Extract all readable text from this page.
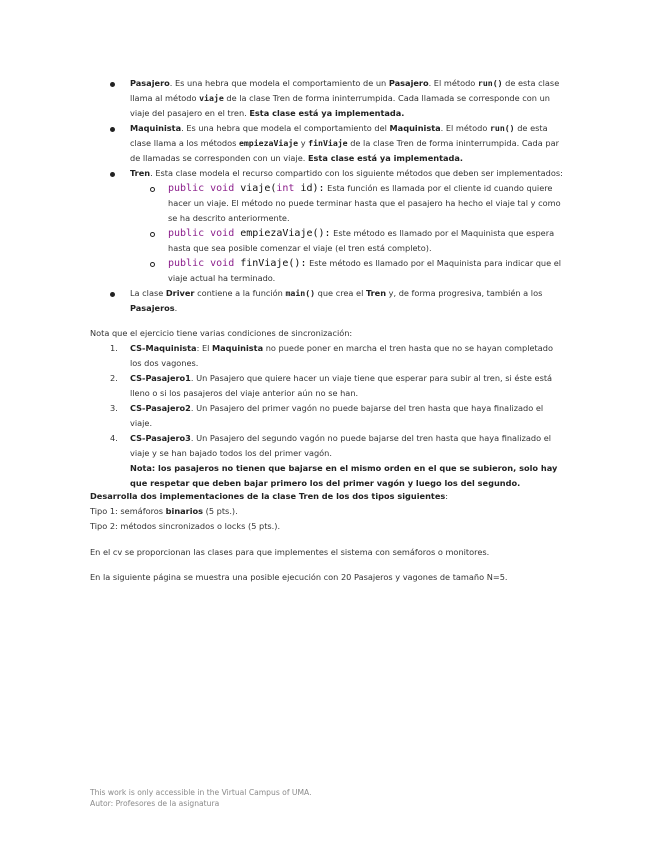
Pasajero. Es una hebra que modela el comportamiento de un Pasajero. El método run() de esta clase llama al método viaje de la clase Tren de forma ininterrumpida. Cada llamada se corresponde con un viaje del pasajero en el tren. Esta clase está ya implementada.
Maquinista. Es una hebra que modela el comportamiento del Maquinista. El método run() de esta clase llama a los métodos empiezaViaje y finViaje de la clase Tren de forma ininterrumpida. Cada par de llamadas se corresponden con un viaje. Esta clase está ya implementada.
Tren. Esta clase modela el recurso compartido con los siguiente métodos que deben ser implementados:
public void viaje(int id): Esta función es llamada por el cliente id cuando quiere hacer un viaje. El método no puede terminar hasta que el pasajero ha hecho el viaje tal y como se ha descrito anteriormente.
public void empiezaViaje(): Este método es llamado por el Maquinista que espera hasta que sea posible comenzar el viaje (el tren está completo).
public void finViaje(): Este método es llamado por el Maquinista para indicar que el viaje actual ha terminado.
La clase Driver contiene a la función main() que crea el Tren y, de forma progresiva, también a los Pasajeros.
Nota que el ejercicio tiene varias condiciones de sincronización:
1. CS-Maquinista: El Maquinista no puede poner en marcha el tren hasta que no se hayan completado los dos vagones.
2. CS-Pasajero1. Un Pasajero que quiere hacer un viaje tiene que esperar para subir al tren, si éste está lleno o si los pasajeros del viaje anterior aún no se han.
3. CS-Pasajero2. Un Pasajero del primer vagón no puede bajarse del tren hasta que haya finalizado el viaje.
4. CS-Pasajero3. Un Pasajero del segundo vagón no puede bajarse del tren hasta que haya finalizado el viaje y se han bajado todos los del primer vagón.
Nota: los pasajeros no tienen que bajarse en el mismo orden en el que se subieron, solo hay que respetar que deben bajar primero los del primer vagón y luego los del segundo.
Desarrolla dos implementaciones de la clase Tren de los dos tipos siguientes:
Tipo 1: semáforos binarios (5 pts.).
Tipo 2: métodos sincronizados o locks (5 pts.).
En el cv se proporcionan las clases para que implementes el sistema con semáforos o monitores.
En la siguiente página se muestra una posible ejecución con 20 Pasajeros y vagones de tamaño N=5.
This work is only accessible in the Virtual Campus of UMA.
Autor: Profesores de la asignatura
